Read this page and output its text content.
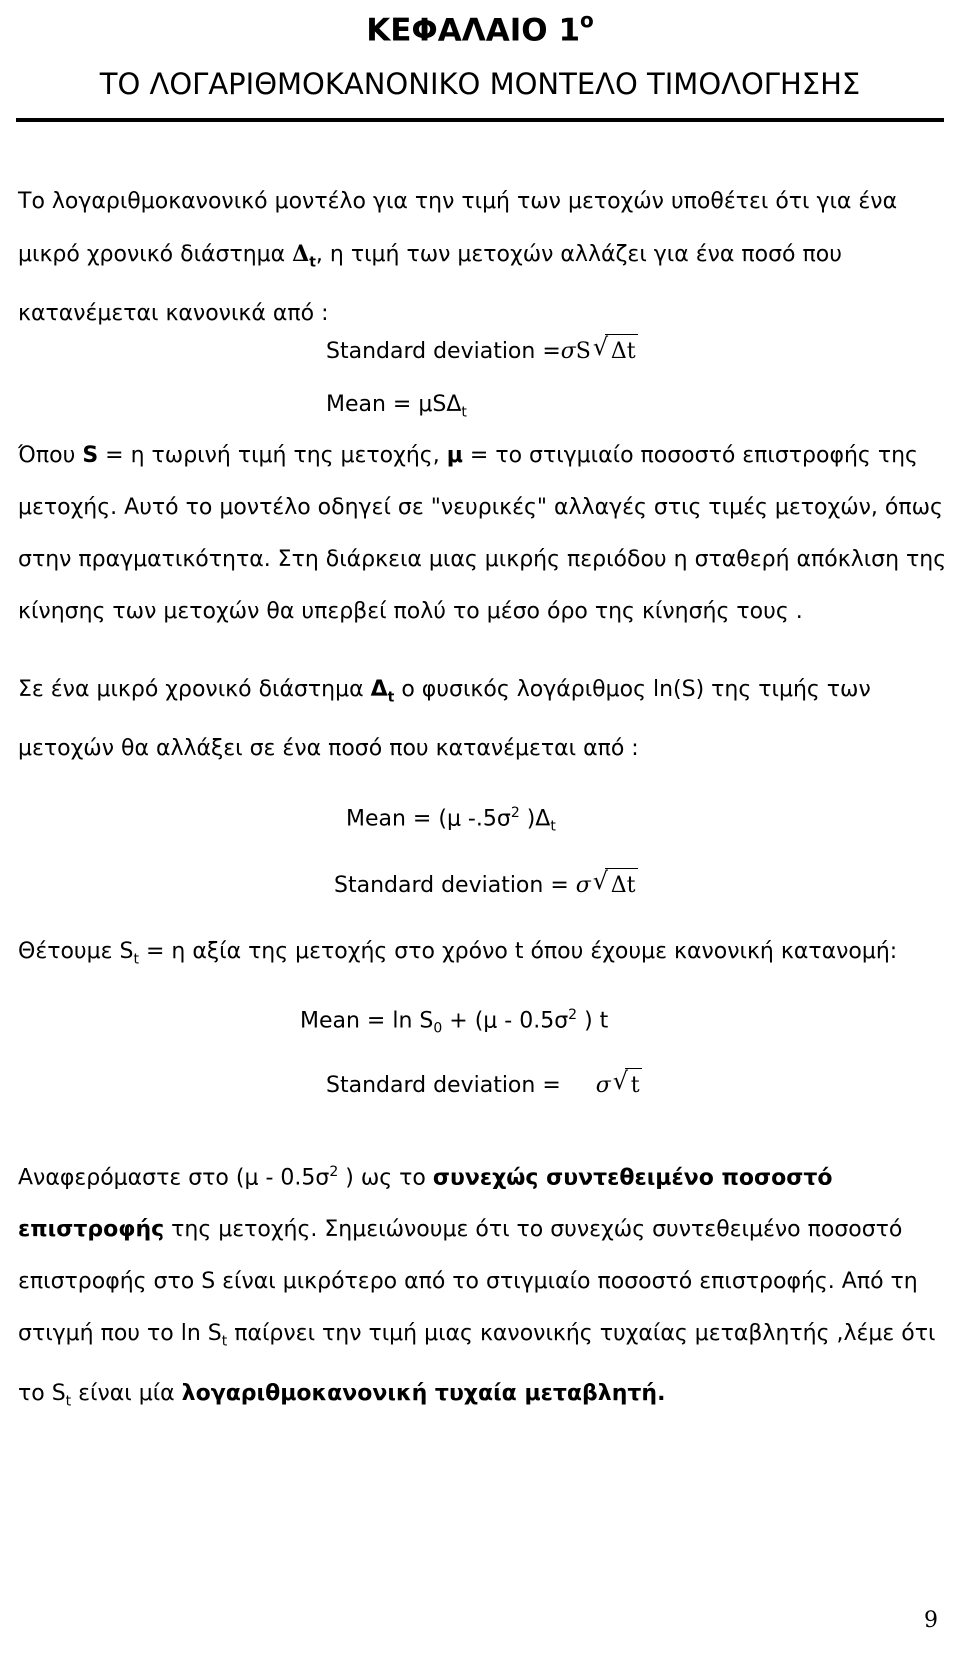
ΚΕΦΑΛΑΙΟ $1^o$
ΤΟ ΛΟΓΑΡΙΘΜΟΚΑΝΟΝΙΚΟ ΜΟΝΤΕΛΟ ΤΙΜΟΛΟΓΗΣΗΣ
Το λογαριθμοκανονικό μοντέλο για την τιμή των μετοχών υποθέτει ότι για ένα μικρό χρονικό διάστημα $\Delta_t$, η τιμή των μετοχών αλλάζει για ένα ποσό που κατανέμεται κανονικά από :
Standard deviation =σS √ Δt
Mean = μSΔ$_t$
Όπου S = η τωρινή τιμή της μετοχής, μ = το στιγμιαίο ποσοστό επιστροφής της μετοχής. Αυτό το μοντέλο οδηγεί σε "νευρικές" αλλαγές στις τιμές μετοχών, όπως στην πραγματικότητα. Στη διάρκεια μιας μικρής περιόδου η σταθερή απόκλιση της κίνησης των μετοχών θα υπερβεί πολύ το μέσο όρο της κίνησής τους .
Σε ένα μικρό χρονικό διάστημα $\Delta_t$ ο φυσικός λογάριθμος ln(S) της τιμής των μετοχών θα αλλάξει σε ένα ποσό που κατανέμεται από :
Mean = (μ $-.5\sigma^2$ )$\Delta_t$
Standard deviation = σ √ Δt
Θέτουμε $S_t = \eta$ αξία της μετοχής στο χρόνο t όπου έχουμε κανονική κατανομή:
Mean = $\ln S_0 + (\mu - 0.5\sigma^2$ ) t
Standard deviation = σ √ t
Αναφερόμαστε στο ($\mu - 0.5\sigma^2$ ) ως το συνεχώς συντεθειμένο ποσοστό επιστροφής της μετοχής. Σημειώνουμε ότι το συνεχώς συντεθειμένο ποσοστό επιστροφής στο S είναι μικρότερο από το στιγμιαίο ποσοστό επιστροφής. Από τη στιγμή που το $\ln S_t$ παίρνει την τιμή μιας κανονικής τυχαίας μεταβλητής ,λέμε ότι το $S_t$ είναι μία λογαριθμοκανονική τυχαία μεταβλητή.
9
